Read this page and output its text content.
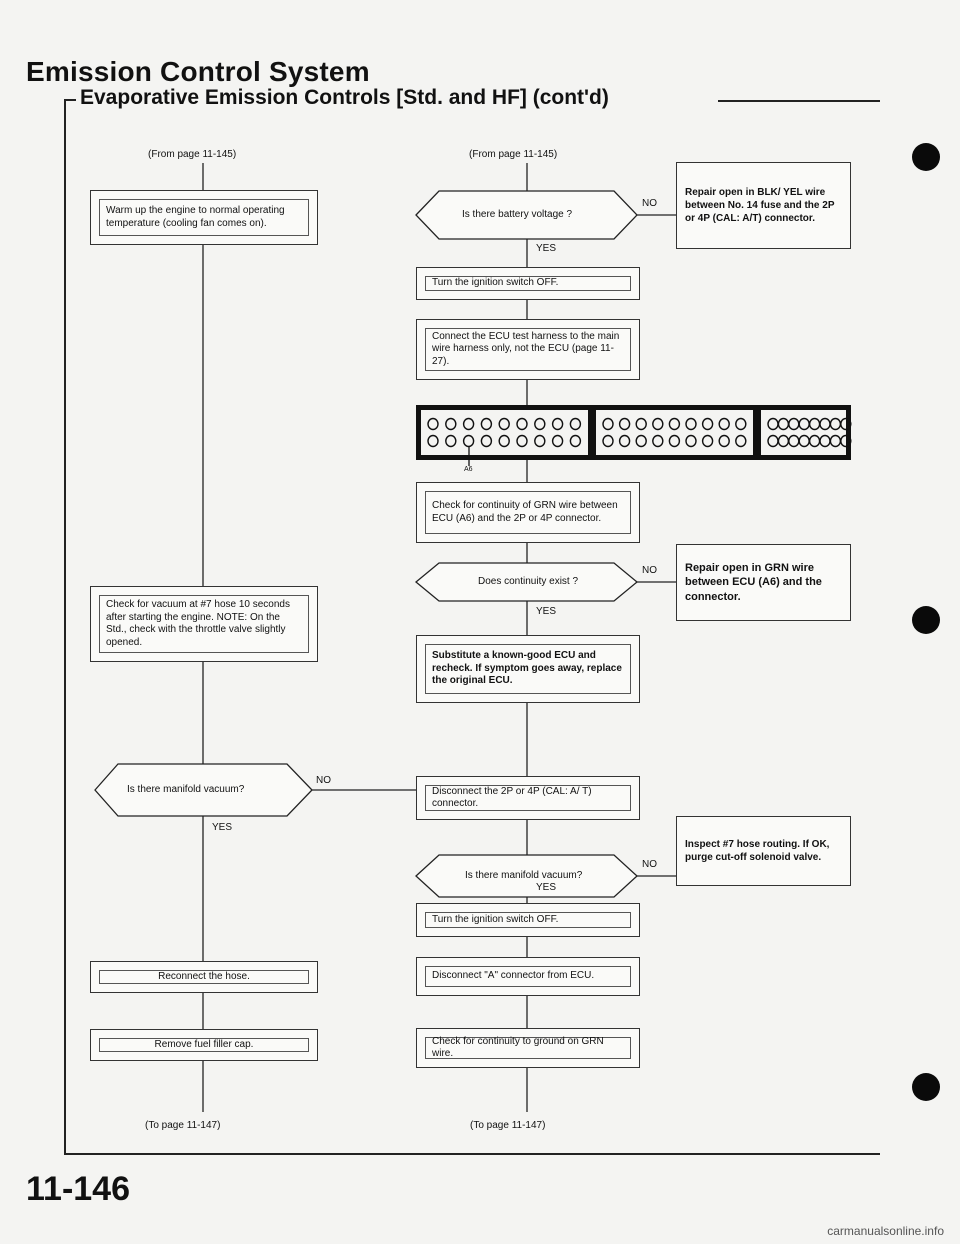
Emission Control System
Evaporative Emission Controls [Std. and HF] (cont'd)
(From page 11-145)
Warm up the engine to normal operating temperature (cooling fan comes on).
Check for vacuum at #7 hose 10 seconds after starting the engine. NOTE: On the Std., check with the throttle valve slightly opened.
Is there manifold vacuum?
NO
YES
Reconnect the hose.
Remove fuel filler cap.
(To page 11-147)
(From page 11-145)
Is there battery voltage ?
NO
YES
Repair open in BLK/ YEL wire between No. 14 fuse and the 2P or 4P (CAL: A/T) connector.
Turn the ignition switch OFF.
Connect the ECU test harness to the main wire harness only, not the ECU (page 11-27).
A6
Check for continuity of GRN wire between ECU (A6) and the 2P or 4P connector.
Does continuity exist ?
NO
YES
Repair open in GRN wire between ECU (A6) and the connector.
Substitute a known-good ECU and recheck. If symptom goes away, replace the original ECU.
Disconnect the 2P or 4P (CAL: A/ T) connector.
Is there manifold vacuum?
NO
YES
Inspect #7 hose routing. If OK, purge cut-off solenoid valve.
Turn the ignition switch OFF.
Disconnect "A" connector from ECU.
Check for continuity to ground on GRN wire.
(To page 11-147)
11-146
carmanualsonline.info
